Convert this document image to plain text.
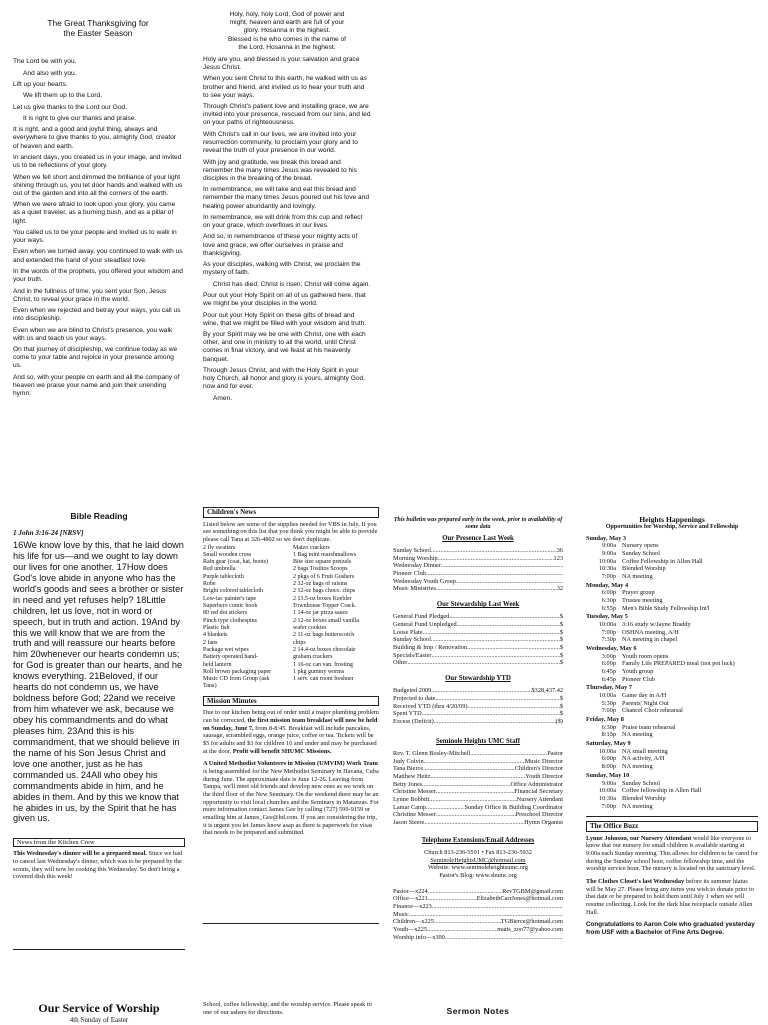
The Great Thanksgiving for
the Easter Season

The Lord be with you.

And also with you.

Lift up your hearts.

We lift them up to the Lord.

Let us give thanks to the Lord our God.

It is right to give our thanks and praise.

It is right, and a good and joyful thing, always and everywhere to give thanks to you, almighty God, creator of heaven and earth.

In ancient days, you created us in your image, and invited us to be reflections of your glory.

When we fell short and dimmed the brilliance of your light shining through us, you let door hands and walked with us out of the garden and into all the corners of the earth.

When we were afraid to look upon your glory, you came as a quiet traveler, as a burning bush, and as a pillar of light.

You called us to be your people and invited us to walk in your ways.

Even when we turned away, you continued to walk with us and extended the hand of your steadfast love.

In the words of the prophets, you offered your wisdom and your truth.

And in the fullness of time, you sent your Son, Jesus Christ, to reveal your grace in the world.

Even when we rejected and betray your ways, you call us into discipleship.

Even when we are blind to Christ's presence, you walk with us and teach us your ways.

On that journey of discipleship, we continue today as we come to your table and rejoice in your presence among us.

And so, with your people on earth and all the company of heaven we praise your name and join their unending hymn:

Holy, holy, holy Lord, God of power and
might, heaven and earth are full of your
glory. Hosanna in the highest.
Blessed is he who comes in the name of
the Lord. Hosanna in the highest.

Holy are you, and blessed is your salvation and grace Jesus Christ.

When you sent Christ to this earth, he walked with us as brother and friend, and invited us to hear your truth and to see your ways.

Through Christ's patient love and installing grace, we are invited into your presence, rescued from our sins, and led on your paths of righteousness.

With Christ's call in our lives, we are invited into your resurrection community, to proclaim your glory and to reveal the truth of your presence in our world.

With joy and gratitude, we break this bread and remember the many times Jesus was revealed to his disciples in the breaking of the bread.

In remembrance, we will take and eat this bread and remember the many times Jesus poured out his love and healing power abundantly and lovingly.

In remembrance, we will drink from this cup and reflect on your grace, which overflows in our lives.

And so, in remembrance of these your mighty acts of love and grace, we offer ourselves in praise and thanksgiving.

As your disciples, walking with Christ, we proclaim the mystery of faith.

Christ has died; Christ is risen; Christ will come again.

Pour out your Holy Spirit on all of us gathered here, that we might be your disciples in the world.

Pour out your Holy Spirit on these gifts of bread and wine, that we might be filled with your wisdom and truth.

By your Spirit may we be one with Christ, one with each other, and one in ministry to all the world, until Christ comes in final victory, and we feast at his heavenly banquet.

Through Jesus Christ, and with the Holy Spirit in your holy Church, all honor and glory is yours, almighty God, now and for ever.

Amen.

Bible Reading
1 John 3:16-24 [NRSV]
16We know love by this, that he laid down his life for us—and we ought to lay down our lives for one another. 17How does God's love abide in anyone who has the world's goods and sees a brother or sister in need and yet refuses help? 18Little children, let us love, not in word or speech, but in truth and action. 19And by this we will know that we are from the truth and will reassure our hearts before him 20whenever our hearts condemn us; for God is greater than our hearts, and he knows everything. 21Beloved, if our hearts do not condemn us, we have boldness before God; 22and we receive from him whatever we ask, because we obey his commandments and do what pleases him. 23And this is his commandment, that we should believe in the name of his Son Jesus Christ and love one another, just as he has commanded us. 24All who obey his commandments abide in him, and he abides in them. And by this we know that he abides in us, by the Spirit that he has given us.
News from the Kitchen Crew
This Wednesday's dinner will be a prepared meal. Since we had to cancel last Wednesday's dinner, which was to be prepared by the scouts, they will now be cooking this Wednesday. So don't bring a covered dish this week!
Our Service of Worship
4th Sunday of Easter
Children's News
Listed below are some of the supplies needed for VBS in July. If you see something on this list that you think you might be able to provide please call Tana at 326-4802 so we don't duplicate.
2 fly swatters
Small wooden cross
Rain gear (coat, hat, boots)
Red umbrella
Purple tablecloth
Robe
Bright colored tablecloth
Low-tac painter's tape
Superhero comic book
80 red dot stickers
Pinch type clothespins
Plastic fish
4 blankets
2 fans
Package wet wipes
Battery operated hand-
held lantern
Roll brown packaging paper
Music CD from Group (ask
Tana)
Matzo crackers
1 Bag mini marshmallows
Bite size square pretzels
2 bags Tostitos Scoops
2 pkgs of 6 Fruit Gushers
2 32-oz bags of raisins
2 12-oz bags choco. chips
2 13.5-oz boxes Keebler
Townhouse Topper Crack.
1 14-oz jar pizza sauce
2 12-oz boxes small vanilla
wafer cookies
2 11-oz bags butterscotch
chips
2 14.4-oz boxes chocolate
graham crackers
1 16-oz can van. frosting
1 pkg gummy worms
1 serv. can room freshner
Mission Minutes
Due to our kitchen being out of order until a major plumbing problem can be corrected, the first mission team breakfast will now be held on Sunday, June 7, from 8-8:45. Breakfast will include pancakes, sausage, scrambled eggs, orange juice, coffee or tea. Tickets will be $5 for adults and $3 for children 10 and under and may be purchased at the door. Profit will benefit SHUMC Missions.
A United Methodist Volunteers in Mission (UMVIM) Work Team is being assembled for the New Methodist Seminary in Havana, Cuba during June. The approximate date is June 12-26. Leaving from Tampa, we'll meet old friends and develop new ones as we work on the third floor of the New Seminary. On the weekend there may be an opportunity to visit local churches and the Seminary in Matanzas. For more information contact James Gee by calling (727) 599-9159 or emailing him at James_Gee@hd.com. If you are considering the trip, it is urgent you let James know asap as there is paperwork for visas that needs to be prepared and submitted.
School, coffee fellowship, and the worship service. Please speak to one of our ushers for directions.
This bulletin was prepared early in the week, prior to availability of some data
Our Presence Last Week
Sunday School .....	36
Morning Worship .....	123
Wednesday Dinner
.....
Pioneer Club
.....
Wednesday Youth Group
.....
Music Ministries .....	32
Our Stewardship Last Week
General Fund Pledged .....	$
General Fund Unpledged .....	$
Loose Plate .....	$
Sunday School .....	$
Building & Imp / Renovation .....	$
Specials/Easter .....	$
Other .....	$
Our Stewardship YTD
Budgeted 2009 .....	$328,437.42
Projected to date .....	$
Received YTD (thru 4/20/09) .....	$
Spent YTD .....	$
Excess (Deficit) .....	($)
Seminole Heights UMC Staff
Rev. T. Glenn Bosley-Mitchell .....	Pastor
Judy Colvin .....	Music Director
Tana Bierce .....	Children's Director
Matthew Heitz .....	Youth Director
Betty Jones .....	Office Administrator
Christine Messer .....	Financial Secretary
Lynne Bobbitt .....	Nursery Attendant
Lamar Camp .....	Sunday Office & Building Coordinator
Christine Messer .....	Preschool Director
Jason Steere .....	Hymn Organist
Telephone Extensions/Email Addresses
Church 813-236-5591 • Fax 813-236-5932
SeminoleHeightsUMC@hotmail.com
Website: www.seminoleheightsumc.org
Pastor's Blog: www.shumc.org
Pastor—x224 .....	RevTGBM@gmail.com
Office—x221 .....	ElizabethCarrJones@hotmail.com
Finance—x223
.....
Music
.....
Children—x225 .....	TGBierce@hotmail.com
Youth—x225 .....	matts_zoo77@yahoo.com
Worship info—x300
.....
Sermon Notes
Heights Happenings
Opportunities for Worship, Service and Fellowship
Sunday, May 3
9:00a Nursery opens
9:00a Sunday School
10:00a Coffee Fellowship in Allen Hall
10:30a Blended Worship
7:00p NA meeting
Monday, May 4
6:00p Prayer group
6:30p Trustee meeting
6:55p Men's Bible Study Fellowship Int'l
Tuesday, May 5
10:00a 3:16 study w/Jayne Braddy
7:00p OSHNA meeting, A/H
7:30p NA meeting in chapel
Wednesday, May 6
3:00p Youth room opens
6:00p Family Life PREPARED meal (not pot luck)
6:45p Youth group
6:45p Pioneer Club
Thursday, May 7
10:00a Game day in A/H
5:30p Parents' Night Out
7:00p Chancel Choir rehearsal
Friday, May 8
6:30p Praise team rehearsal
8:15p NA meeting
Saturday, May 9
10:00a NA small meeting
6:00p NA activity, A/H
8:00p NA meeting
Sunday, May 10
9:00a Sunday School
10:00a Coffee fellowship in Allen Hall
10:30a Blended Worship
7:00p NA meeting
The Office Buzz
Lynne Johnson, our Nursery Attendant would like everyone to know that our nursery for small children is available starting at 9:00a each Sunday morning. This allows for children to be cared for during the Sunday school hour, coffee fellowship time, and the worship service hour. The nursery is located on the sanctuary level.
The Clothes Closet's last Wednesday before its summer hiatus will be May 27. Please bring any items you wish to donate prior to that date or be prepared to hold them until July 1 when we will resume collecting. Look for the dark blue receptacle outside Allen Hall.
Congratulations to Aaron Cole who graduated yesterday from USF with a Bachelor of Fine Arts Degree.
